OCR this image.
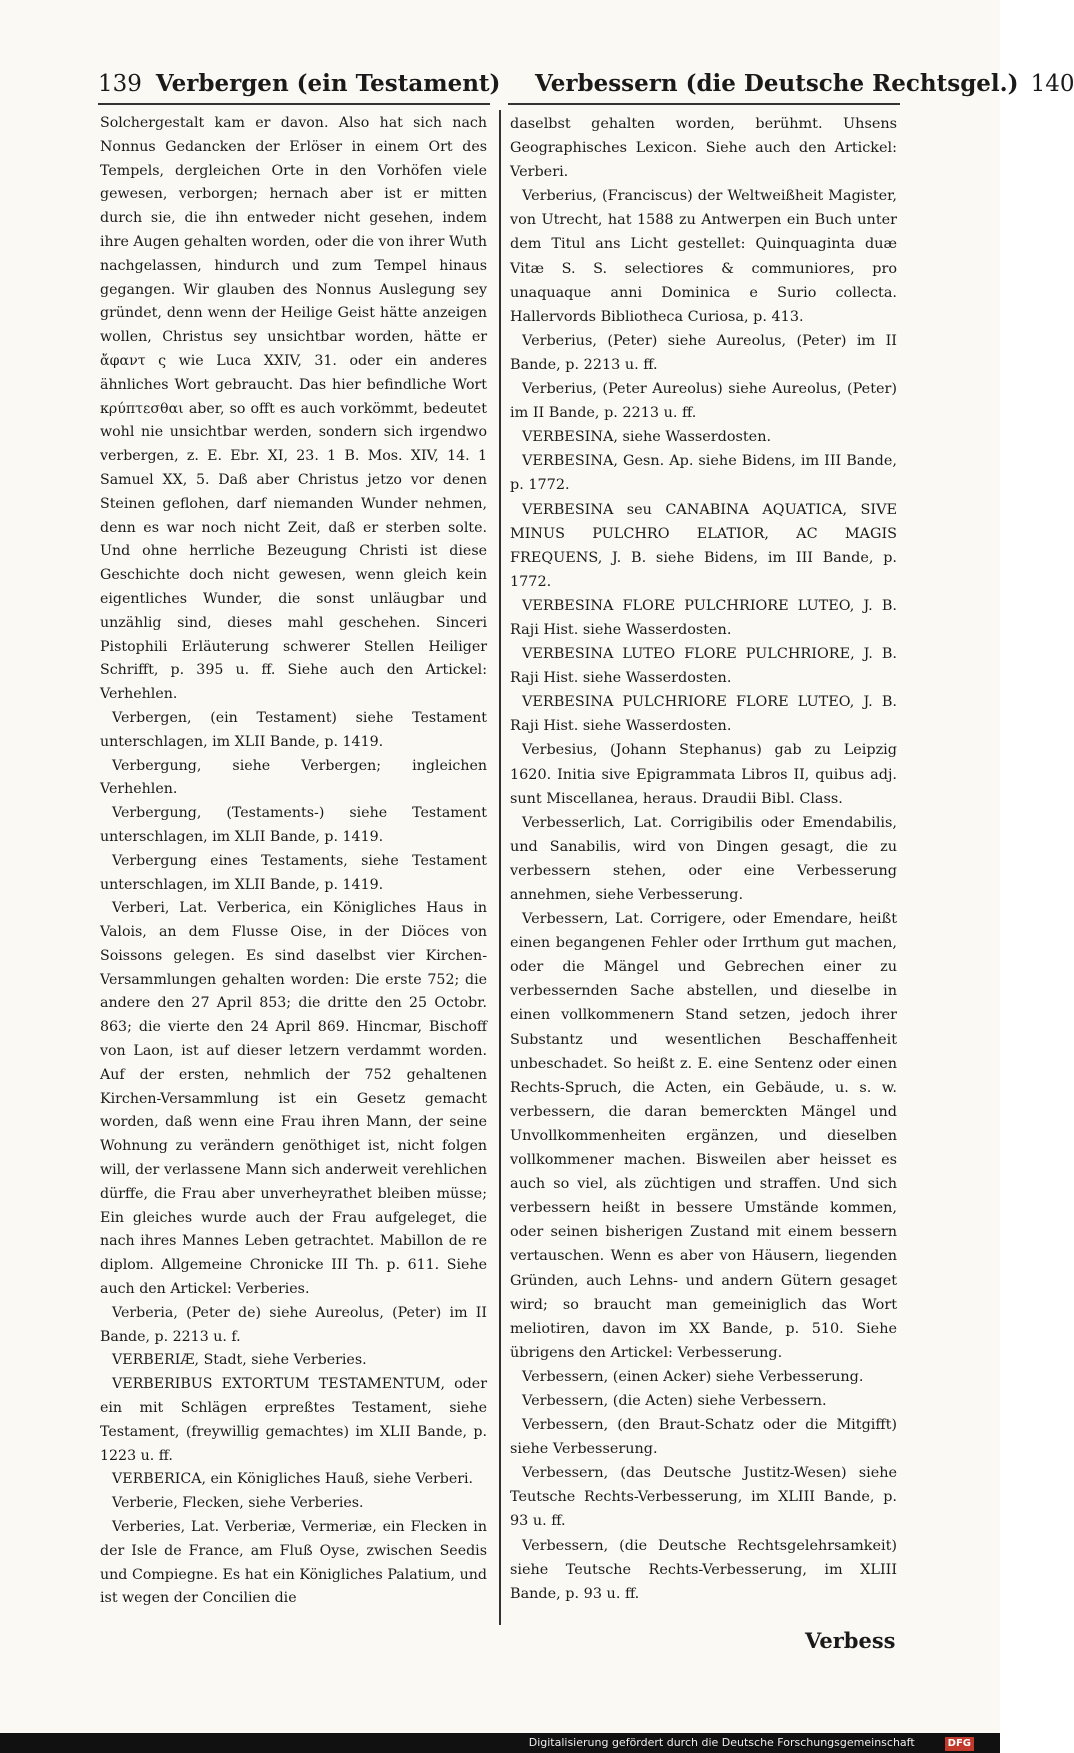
139 Verbergen (ein Testament) Verbessern (die Deutsche Rechtsgel.) 140

Solchergestalt kam er davon. Also hat sich nach Nonnus Gedancken der Erlöser in einem Ort des Tempels, dergleichen Orte in den Vorhöfen viele gewesen, verborgen; hernach aber ist er mitten durch sie, die ihn entweder nicht gesehen, indem ihre Augen gehalten worden, oder die von ihrer Wuth nachgelassen, hindurch und zum Tempel hinaus gegangen. Wir glauben des Nonnus Auslegung sey gründet, denn wenn der Heilige Geist hätte anzeigen wollen, Christus sey unsichtbar worden, hätte er ἄφαντ ς wie Luca XXIV, 31. oder ein anderes ähnliches Wort gebraucht. Das hier befindliche Wort κρύπτεσθαι aber, so offt es auch vorkömmt, bedeutet wohl nie unsichtbar werden, sondern sich irgendwo verbergen, z. E. Ebr. XI, 23. 1 B. Mos. XIV, 14. 1 Samuel XX, 5. Daß aber Christus jetzo vor denen Steinen geflohen, darf niemanden Wunder nehmen, denn es war noch nicht Zeit, daß er sterben solte. Und ohne herrliche Bezeugung Christi ist diese Geschichte doch nicht gewesen, wenn gleich kein eigentliches Wunder, die sonst unläugbar und unzählig sind, dieses mahl geschehen. Sinceri Pistophili Erläuterung schwerer Stellen Heiliger Schrifft, p. 395 u. ff. Siehe auch den Artickel: Verhehlen.

Verbergen, (ein Testament) siehe Testament unterschlagen, im XLII Bande, p. 1419.

Verbergung, siehe Verbergen; ingleichen Verhehlen.

Verbergung, (Testaments-) siehe Testament unterschlagen, im XLII Bande, p. 1419.

Verbergung eines Testaments, siehe Testament unterschlagen, im XLII Bande, p. 1419.

Verberi, Lat. Verberica, ein Königliches Haus in Valois, an dem Flusse Oise, in der Diöces von Soissons gelegen. Es sind daselbst vier Kirchen-Versammlungen gehalten worden: Die erste 752; die andere den 27 April 853; die dritte den 25 Octobr. 863; die vierte den 24 April 869. Hincmar, Bischoff von Laon, ist auf dieser letzern verdammt worden. Auf der ersten, nehmlich der 752 gehaltenen Kirchen-Versammlung ist ein Gesetz gemacht worden, daß wenn eine Frau ihren Mann, der seine Wohnung zu verändern genöthiget ist, nicht folgen will, der verlassene Mann sich anderweit verehlichen dürffe, die Frau aber unverheyrathet bleiben müsse; Ein gleiches wurde auch der Frau aufgeleget, die nach ihres Mannes Leben getrachtet. Mabillon de re diplom. Allgemeine Chronicke III Th. p. 611. Siehe auch den Artickel: Verberies.

Verberia, (Peter de) siehe Aureolus, (Peter) im II Bande, p. 2213 u. f.

VERBERIÆ, Stadt, siehe Verberies.

VERBERIBUS EXTORTUM TESTAMENTUM, oder ein mit Schlägen erpreßtes Testament, siehe Testament, (freywillig gemachtes) im XLII Bande, p. 1223 u. ff.

VERBERICA, ein Königliches Hauß, siehe Verberi.

Verberie, Flecken, siehe Verberies.

Verberies, Lat. Verberiæ, Vermeriæ, ein Flecken in der Isle de France, am Fluß Oyse, zwischen Seedis und Compiegne. Es hat ein Königliches Palatium, und ist wegen der Concilien die

daselbst gehalten worden, berühmt. Uhsens Geographisches Lexicon. Siehe auch den Artickel: Verberi.

Verberius, (Franciscus) der Weltweißheit Magister, von Utrecht, hat 1588 zu Antwerpen ein Buch unter dem Titul ans Licht gestellet: Quinquaginta duæ Vitæ S. S. selectiores & communiores, pro unaquaque anni Dominica e Surio collecta. Hallervords Bibliotheca Curiosa, p. 413.

Verberius, (Peter) siehe Aureolus, (Peter) im II Bande, p. 2213 u. ff.

Verberius, (Peter Aureolus) siehe Aureolus, (Peter) im II Bande, p. 2213 u. ff.

VERBESINA, siehe Wasserdosten.

VERBESINA, Gesn. Ap. siehe Bidens, im III Bande, p. 1772.

VERBESINA seu CANABINA AQUATICA, SIVE MINUS PULCHRO ELATIOR, AC MAGIS FREQUENS, J. B. siehe Bidens, im III Bande, p. 1772.

VERBESINA FLORE PULCHRIORE LUTEO, J. B. Raji Hist. siehe Wasserdosten.

VERBESINA LUTEO FLORE PULCHRIORE, J. B. Raji Hist. siehe Wasserdosten.

VERBESINA PULCHRIORE FLORE LUTEO, J. B. Raji Hist. siehe Wasserdosten.

Verbesius, (Johann Stephanus) gab zu Leipzig 1620. Initia sive Epigrammata Libros II, quibus adj. sunt Miscellanea, heraus. Draudii Bibl. Class.

Verbesserlich, Lat. Corrigibilis oder Emendabilis, und Sanabilis, wird von Dingen gesagt, die zu verbessern stehen, oder eine Verbesserung annehmen, siehe Verbesserung.

Verbessern, Lat. Corrigere, oder Emendare, heißt einen begangenen Fehler oder Irrthum gut machen, oder die Mängel und Gebrechen einer zu verbessernden Sache abstellen, und dieselbe in einen vollkommenern Stand setzen, jedoch ihrer Substantz und wesentlichen Beschaffenheit unbeschadet. So heißt z. E. eine Sentenz oder einen Rechts-Spruch, die Acten, ein Gebäude, u. s. w. verbessern, die daran bemerckten Mängel und Unvollkommenheiten ergänzen, und dieselben vollkommener machen. Bisweilen aber heisset es auch so viel, als züchtigen und straffen. Und sich verbessern heißt in bessere Umstände kommen, oder seinen bisherigen Zustand mit einem bessern vertauschen. Wenn es aber von Häusern, liegenden Gründen, auch Lehns- und andern Gütern gesaget wird; so braucht man gemeiniglich das Wort meliotiren, davon im XX Bande, p. 510. Siehe übrigens den Artickel: Verbesserung.

Verbessern, (einen Acker) siehe Verbesserung.

Verbessern, (die Acten) siehe Verbessern.

Verbessern, (den Braut-Schatz oder die Mitgifft) siehe Verbesserung.

Verbessern, (das Deutsche Justitz-Wesen) siehe Teutsche Rechts-Verbesserung, im XLIII Bande, p. 93 u. ff.

Verbessern, (die Deutsche Rechtsgelehrsamkeit) siehe Teutsche Rechts-Verbesserung, im XLIII Bande, p. 93 u. ff.

Verbess
Digitalisierung gefördert durch die Deutsche Forschungsgemeinschaft	DFG
